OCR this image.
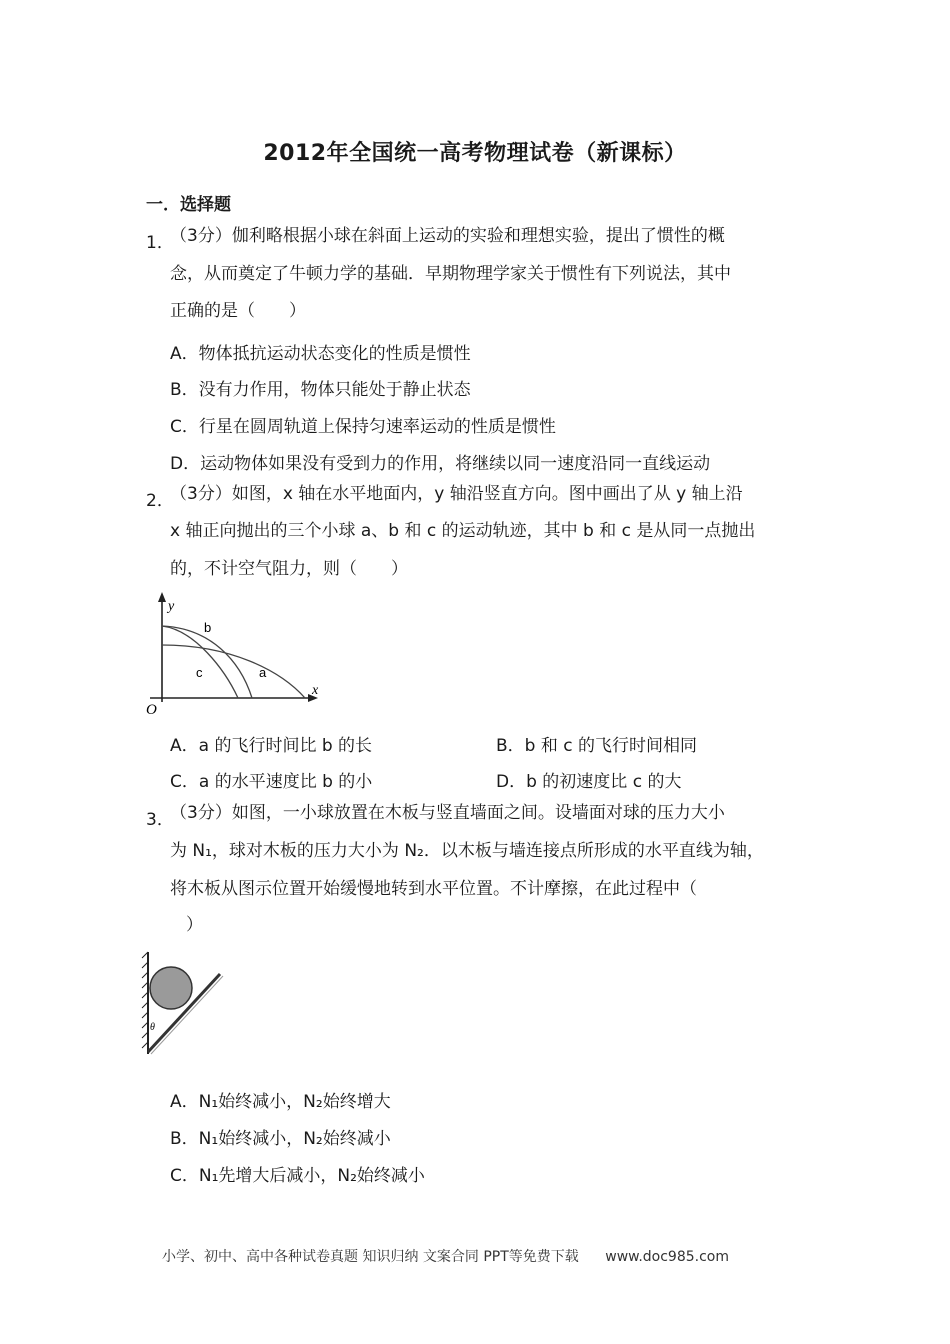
2012年全国统一高考物理试卷（新课标）
一．选择题
1．
（3分）伽利略根据小球在斜面上运动的实验和理想实验，提出了惯性的概
念，从而奠定了牛顿力学的基础．早期物理学家关于惯性有下列说法，其中
正确的是（　　）
A．物体抵抗运动状态变化的性质是惯性
B．没有力作用，物体只能处于静止状态
C．行星在圆周轨道上保持匀速率运动的性质是惯性
D．运动物体如果没有受到力的作用，将继续以同一速度沿同一直线运动
2．
（3分）如图，x 轴在水平地面内，y 轴沿竖直方向。图中画出了从 y 轴上沿
x 轴正向抛出的三个小球 a、b 和 c 的运动轨迹，其中 b 和 c 是从同一点抛出
的，不计空气阻力，则（　　）
y
x
O
b
c	a
A．a 的飞行时间比 b 的长	B．b 和 c 的飞行时间相同
C．a 的水平速度比 b 的小	D．b 的初速度比 c 的大
3．
（3分）如图，一小球放置在木板与竖直墙面之间。设墙面对球的压力大小
为 N₁，球对木板的压力大小为 N₂．以木板与墙连接点所形成的水平直线为轴，
将木板从图示位置开始缓慢地转到水平位置。不计摩擦，在此过程中（
）
θ
A．N₁始终减小，N₂始终增大
B．N₁始终减小，N₂始终减小
C．N₁先增大后减小，N₂始终减小
小学、初中、高中各种试卷真题 知识归纳 文案合同 PPT等免费下载 www.doc985.com
